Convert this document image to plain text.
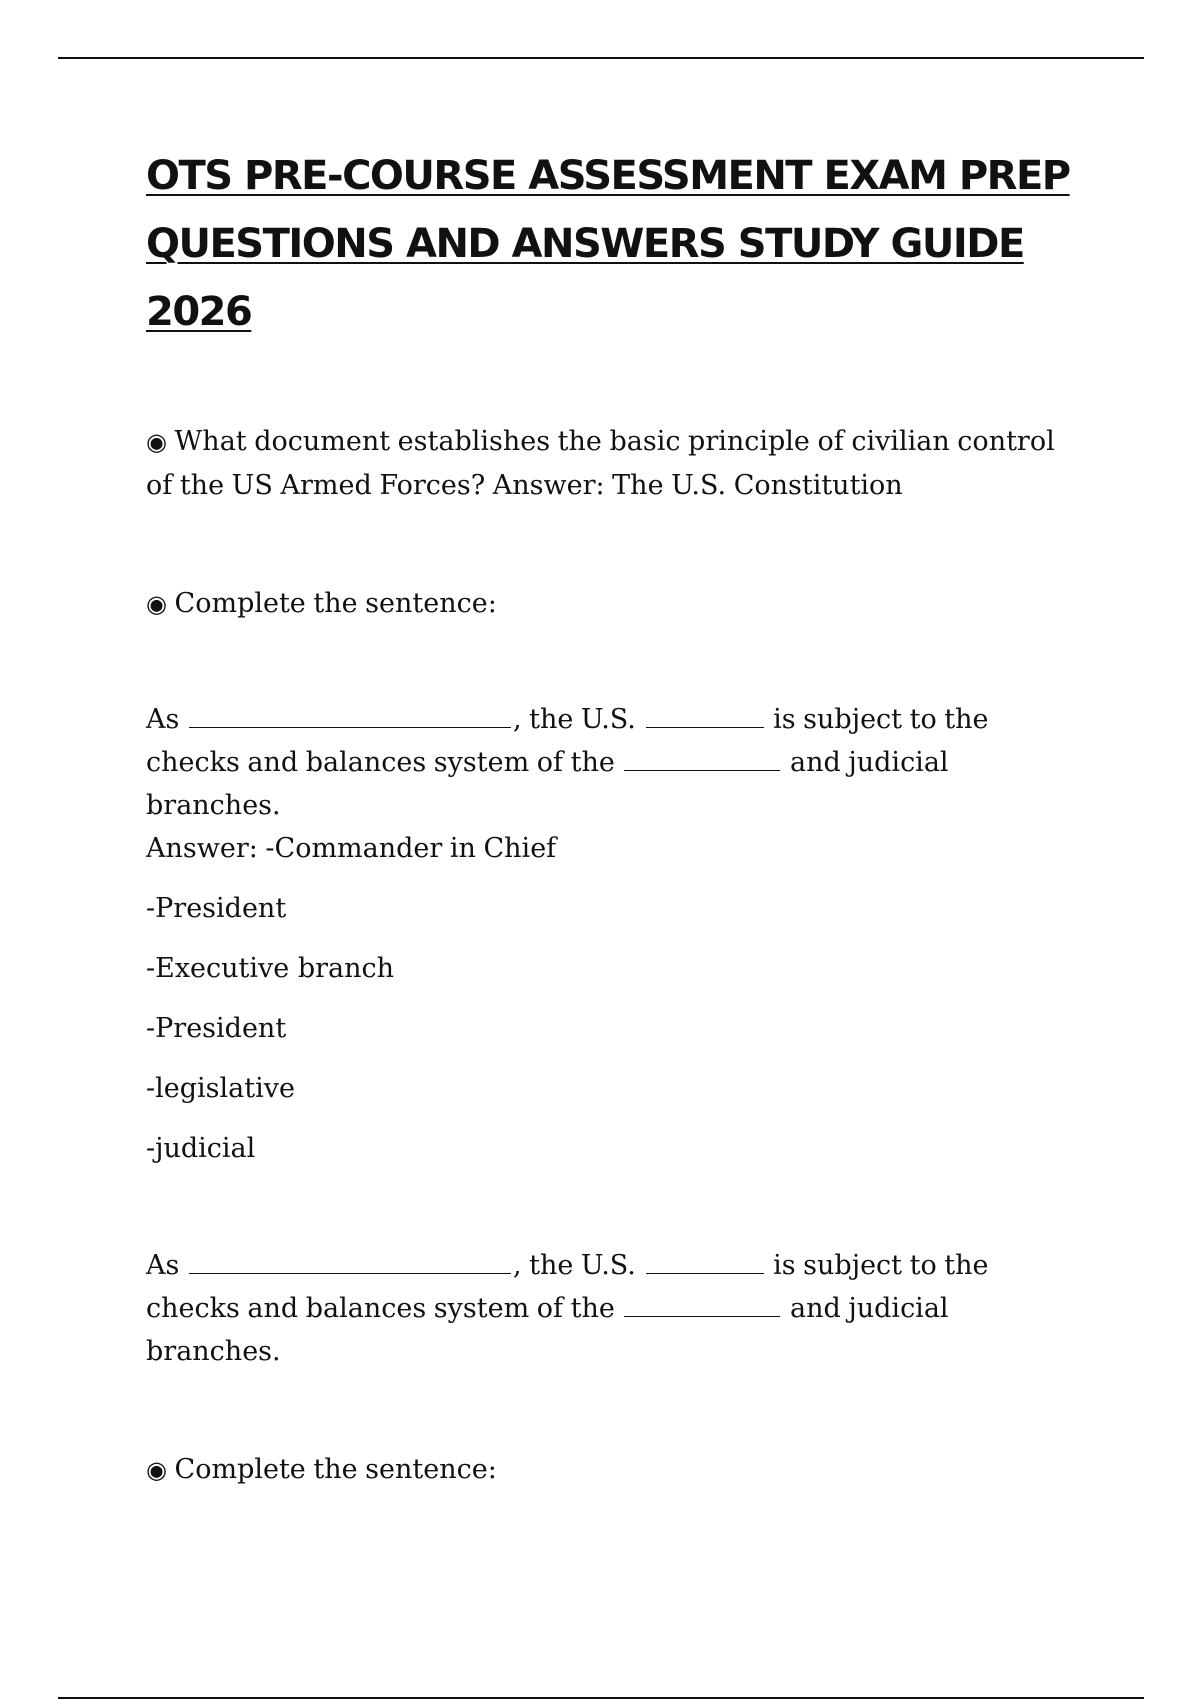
OTS PRE-COURSE ASSESSMENT EXAM PREP
QUESTIONS AND ANSWERS STUDY GUIDE
2026

◉ What document establishes the basic principle of civilian control of the US Armed Forces? Answer: The U.S. Constitution

◉ Complete the sentence:

As	, the U.S.	is subject to the checks and balances system of the	and judicial branches.
Answer: -Commander in Chief

-President

-Executive branch

-President

-legislative

-judicial

As	, the U.S.	is subject to the checks and balances system of the	and judicial branches.

◉ Complete the sentence:
